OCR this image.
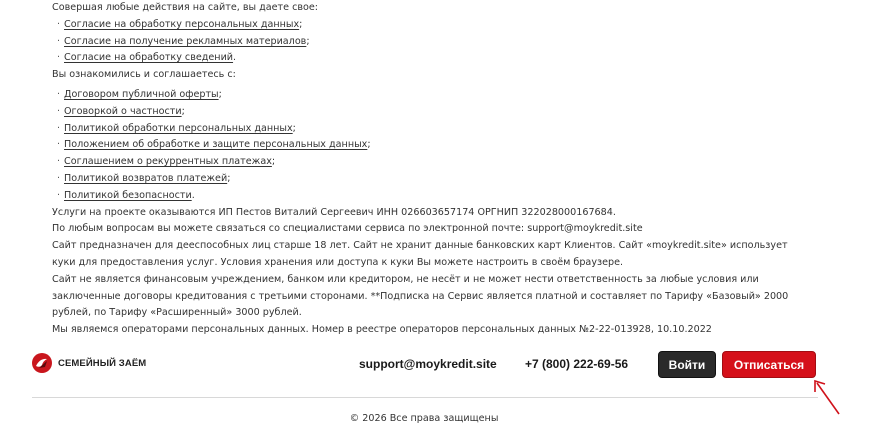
Совершая любые действия на сайте, вы даете свое:

· Согласие на обработку персональных данных;
· Согласие на получение рекламных материалов;
· Согласие на обработку сведений.

Вы ознакомились и соглашаетесь с:

· Договором публичной оферты;
· Оговоркой о частности;
· Политикой обработки персональных данных;
· Положением об обработке и защите персональных данных;
· Соглашением о рекуррентных платежах;
· Политикой возвратов платежей;
· Политикой безопасности.

Услуги на проекте оказываются ИП Пестов Виталий Сергеевич ИНН 026603657174 ОРГНИП 322028000167684.

По любым вопросам вы можете связаться со специалистами сервиса по электронной почте: support@moykredit.site

Сайт предназначен для дееспособных лиц старше 18 лет. Сайт не хранит данные банковских карт Клиентов. Сайт «moykredit.site» использует куки для предоставления услуг. Условия хранения или доступа к куки Вы можете настроить в своём браузере.

Сайт не является финансовым учреждением, банком или кредитором, не несёт и не может нести ответственность за любые условия или заключенные договоры кредитования с третьими сторонами. **Подписка на Сервис является платной и составляет по Тарифу «Базовый» 2000 рублей, по Тарифу «Расширенный» 3000 рублей.

Мы являемся операторами персональных данных. Номер в реестре операторов персональных данных №2-22-013928, 10.10.2022

СЕМЕЙНЫЙ ЗАЁМ	support@moykredit.site +7 (800) 222-69-56	Войти	Отписаться
© 2026 Все права защищены
